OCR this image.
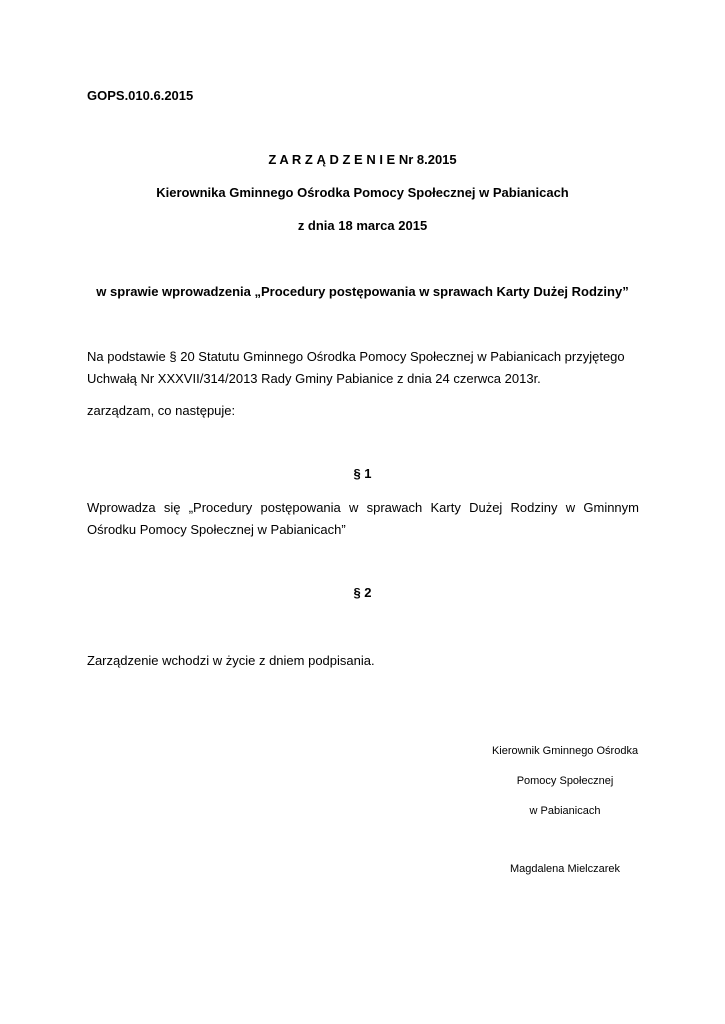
GOPS.010.6.2015
Z A R Z Ą D Z E N I E Nr 8.2015
Kierownika Gminnego Ośrodka Pomocy Społecznej w Pabianicach
z dnia 18 marca 2015
w sprawie wprowadzenia „Procedury postępowania w sprawach Karty Dużej Rodziny”
Na podstawie § 20 Statutu Gminnego Ośrodka Pomocy Społecznej w Pabianicach przyjętego Uchwałą Nr XXXVII/314/2013 Rady Gminy Pabianice z dnia 24 czerwca 2013r.
zarządzam, co następuje:
§ 1
Wprowadza się „Procedury postępowania w sprawach Karty Dużej Rodziny w Gminnym Ośrodku Pomocy Społecznej w Pabianicach”
§ 2
Zarządzenie wchodzi w życie z dniem podpisania.
Kierownik Gminnego Ośrodka
Pomocy Społecznej
w Pabianicach
Magdalena Mielczarek
